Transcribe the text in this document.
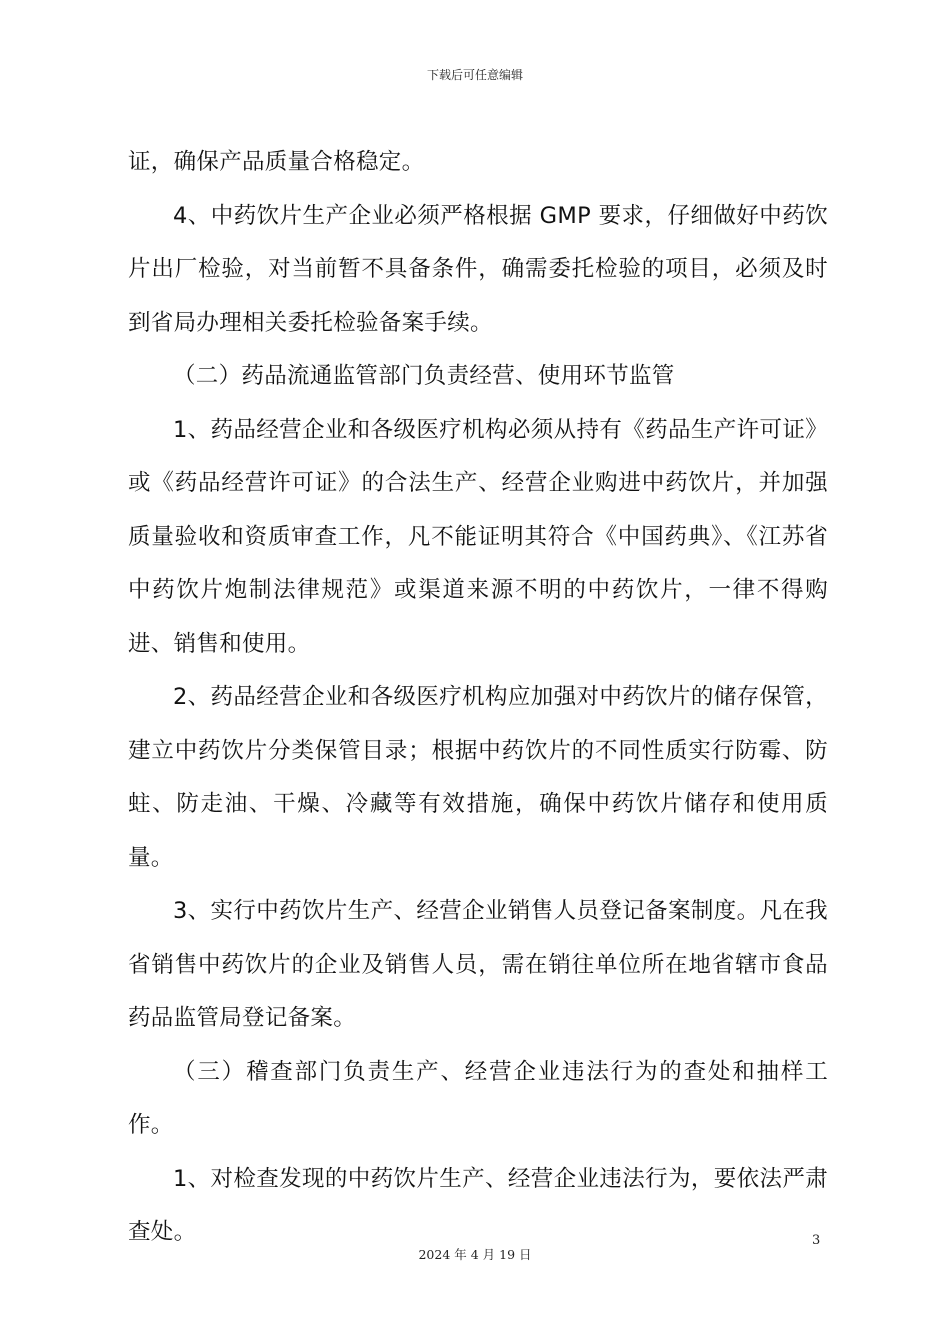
下载后可任意编辑

证，确保产品质量合格稳定。

4、中药饮片生产企业必须严格根据 GMP 要求，仔细做好中药饮片出厂检验，对当前暂不具备条件，确需委托检验的项目，必须及时到省局办理相关委托检验备案手续。

（二）药品流通监管部门负责经营、使用环节监管

1、药品经营企业和各级医疗机构必须从持有《药品生产许可证》或《药品经营许可证》的合法生产、经营企业购进中药饮片，并加强质量验收和资质审查工作，凡不能证明其符合《中国药典》、《江苏省中药饮片炮制法律规范》或渠道来源不明的中药饮片，一律不得购进、销售和使用。

2、药品经营企业和各级医疗机构应加强对中药饮片的储存保管，建立中药饮片分类保管目录；根据中药饮片的不同性质实行防霉、防蛀、防走油、干燥、冷藏等有效措施，确保中药饮片储存和使用质量。

3、实行中药饮片生产、经营企业销售人员登记备案制度。凡在我省销售中药饮片的企业及销售人员，需在销往单位所在地省辖市食品药品监管局登记备案。

（三）稽查部门负责生产、经营企业违法行为的查处和抽样工作。

1、对检查发现的中药饮片生产、经营企业违法行为，要依法严肃查处。	3
2024 年 4 月 19 日
